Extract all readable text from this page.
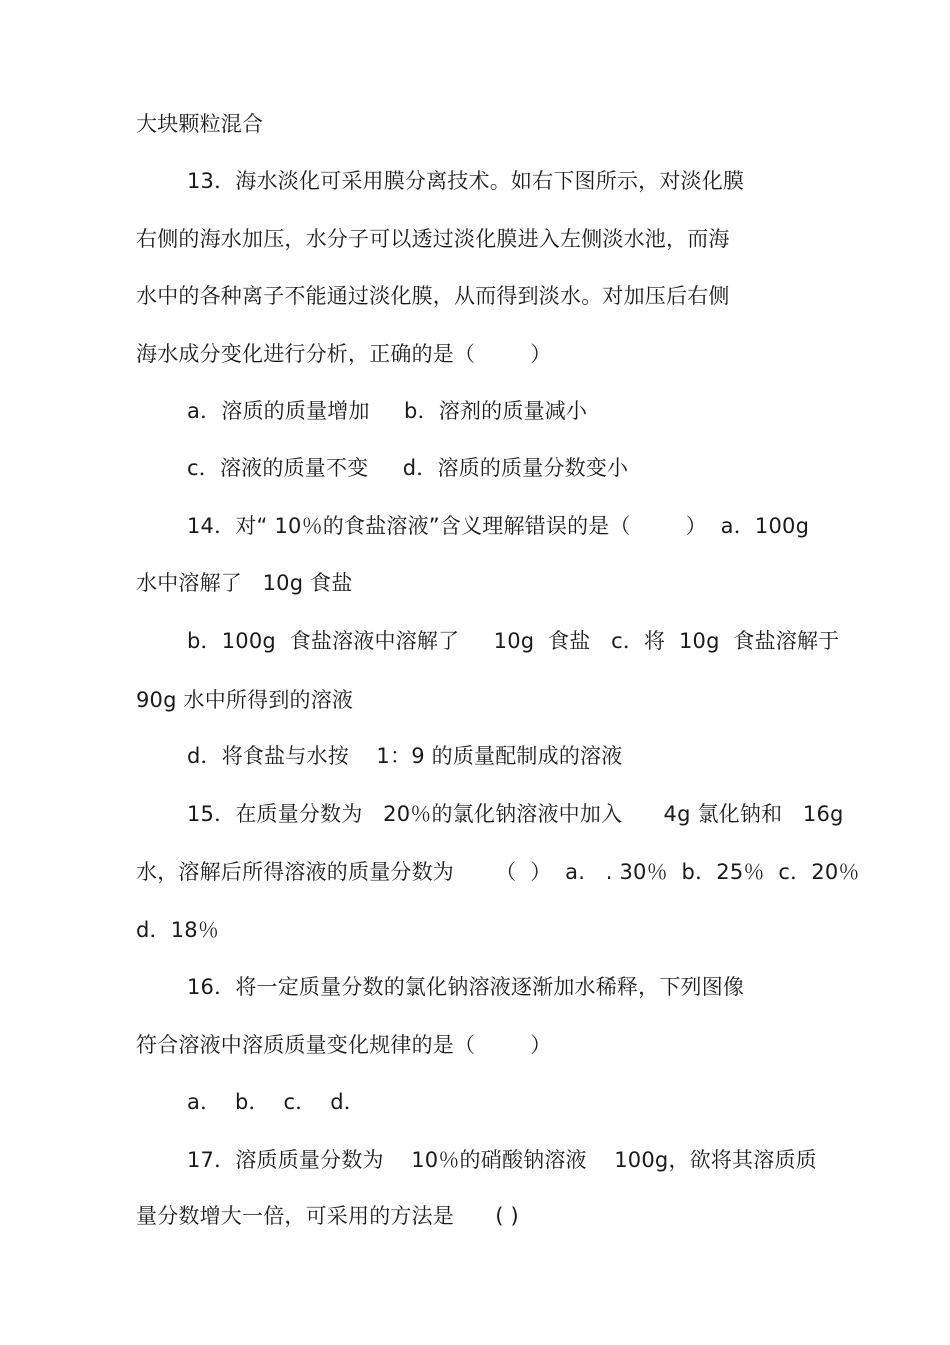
大块颗粒混合
13．海水淡化可采用膜分离技术。如右下图所示，对淡化膜
右侧的海水加压，水分子可以透过淡化膜进入左侧淡水池，而海
水中的各种离子不能通过淡化膜，从而得到淡水。对加压后右侧
海水成分变化进行分析，正确的是（        ）
a．溶质的质量增加     b．溶剂的质量减小
c．溶液的质量不变     d．溶质的质量分数变小
14．对“ 10％的食盐溶液”含义理解错误的是（        ）  a．100g
水中溶解了   10g 食盐
b．100g  食盐溶液中溶解了     10g  食盐   c．将  10g  食盐溶解于
90g 水中所得到的溶液
d．将食盐与水按    1：9 的质量配制成的溶液
15．在质量分数为   20％的氯化钠溶液中加入      4g 氯化钠和   16g
水，溶解后所得溶液的质量分数为      （  ）  a.   . 30％  b．25％  c．20％
d．18％
16．将一定质量分数的氯化钠溶液逐渐加水稀释，下列图像
符合溶液中溶质质量变化规律的是（        ）
a．  b．  c．  d．
17．溶质质量分数为    10％的硝酸钠溶液    100g，欲将其溶质质
量分数增大一倍，可采用的方法是      ( )
